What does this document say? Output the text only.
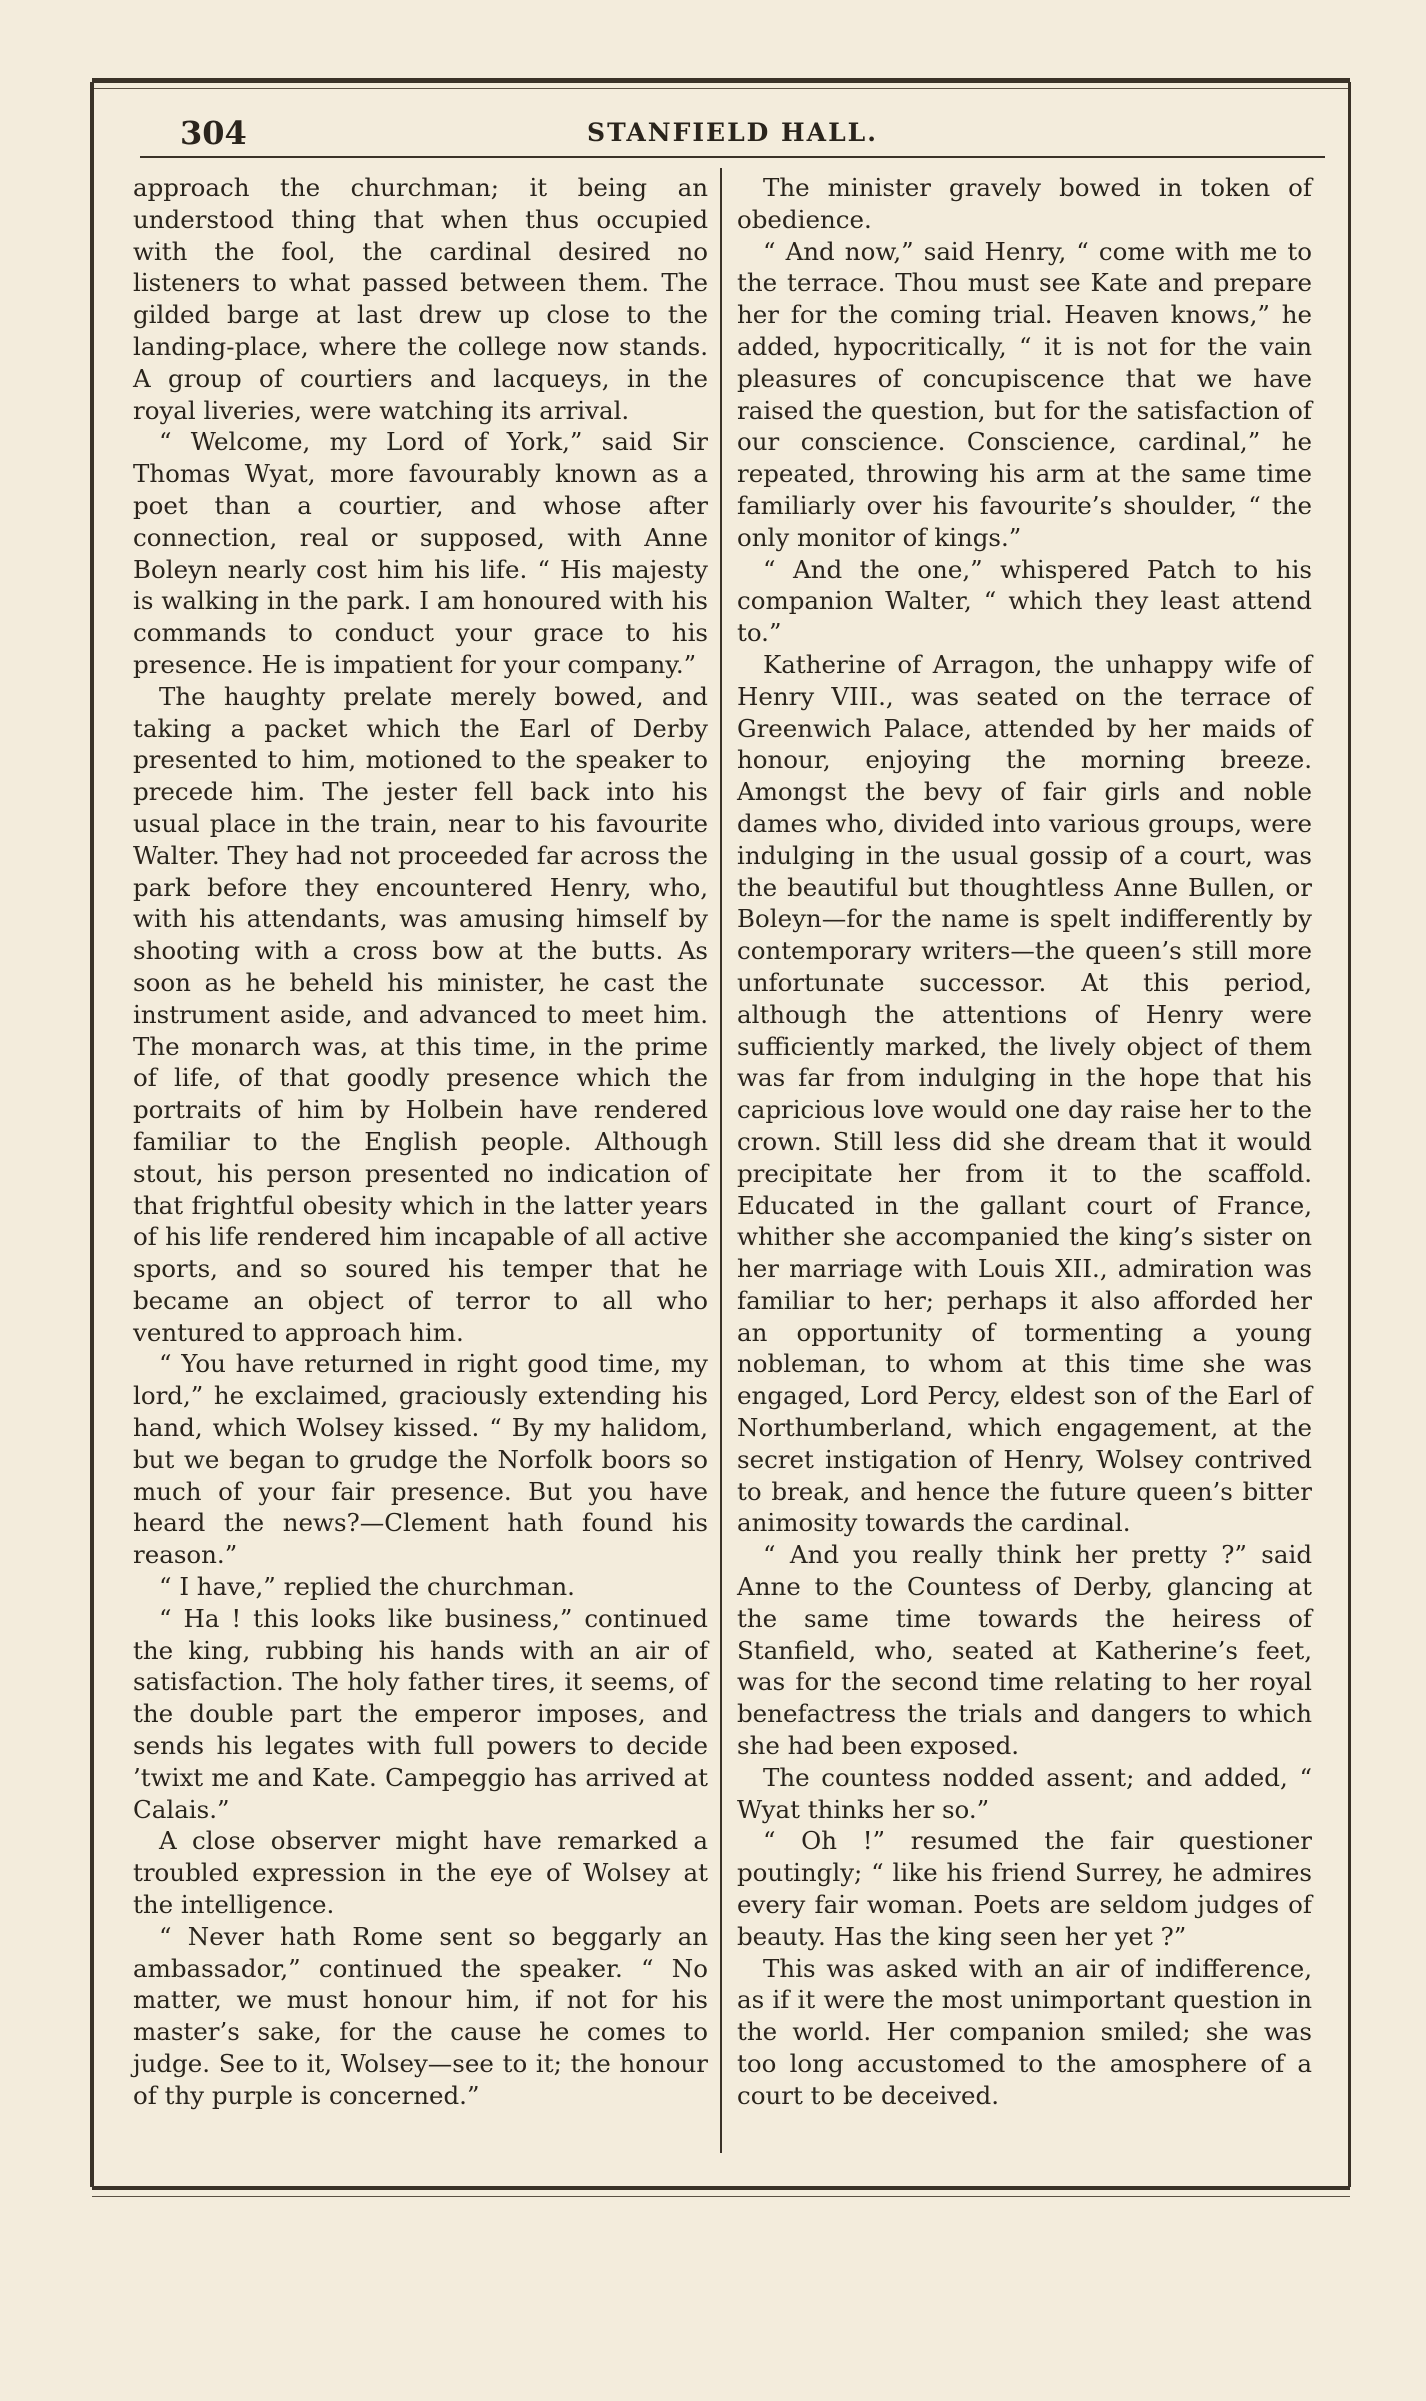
304	STANFIELD HALL.

approach the churchman; it being an understood thing that when thus occupied with the fool, the cardinal desired no listeners to what passed between them. The gilded barge at last drew up close to the landing-place, where the college now stands. A group of courtiers and lacqueys, in the royal liveries, were watching its arrival.

“ Welcome, my Lord of York,” said Sir Thomas Wyat, more favourably known as a poet than a courtier, and whose after connection, real or supposed, with Anne Boleyn nearly cost him his life. “ His majesty is walking in the park. I am honoured with his commands to conduct your grace to his presence. He is impatient for your company.”

The haughty prelate merely bowed, and taking a packet which the Earl of Derby presented to him, motioned to the speaker to precede him. The jester fell back into his usual place in the train, near to his favourite Walter. They had not proceeded far across the park before they encountered Henry, who, with his attendants, was amusing himself by shooting with a cross bow at the butts. As soon as he beheld his minister, he cast the instrument aside, and advanced to meet him. The monarch was, at this time, in the prime of life, of that goodly presence which the portraits of him by Holbein have rendered familiar to the English people. Although stout, his person presented no indication of that frightful obesity which in the latter years of his life rendered him incapable of all active sports, and so soured his temper that he became an object of terror to all who ventured to approach him.

“ You have returned in right good time, my lord,” he exclaimed, graciously extending his hand, which Wolsey kissed. “ By my halidom, but we began to grudge the Norfolk boors so much of your fair presence. But you have heard the news?—Clement hath found his reason.”

“ I have,” replied the churchman.

“ Ha ! this looks like business,” continued the king, rubbing his hands with an air of satisfaction. The holy father tires, it seems, of the double part the emperor imposes, and sends his legates with full powers to decide ’twixt me and Kate. Campeggio has arrived at Calais.”

A close observer might have remarked a troubled expression in the eye of Wolsey at the intelligence.

“ Never hath Rome sent so beggarly an ambassador,” continued the speaker. “ No matter, we must honour him, if not for his master’s sake, for the cause he comes to judge. See to it, Wolsey—see to it; the honour of thy purple is concerned.”

The minister gravely bowed in token of obedience.

“ And now,” said Henry, “ come with me to the terrace. Thou must see Kate and prepare her for the coming trial. Heaven knows,” he added, hypocritically, “ it is not for the vain pleasures of concupiscence that we have raised the question, but for the satisfaction of our conscience. Conscience, cardinal,” he repeated, throwing his arm at the same time familiarly over his favourite’s shoulder, “ the only monitor of kings.”

“ And the one,” whispered Patch to his companion Walter, “ which they least attend to.”

Katherine of Arragon, the unhappy wife of Henry VIII., was seated on the terrace of Greenwich Palace, attended by her maids of honour, enjoying the morning breeze. Amongst the bevy of fair girls and noble dames who, divided into various groups, were indulging in the usual gossip of a court, was the beautiful but thoughtless Anne Bullen, or Boleyn—for the name is spelt indifferently by contemporary writers—the queen’s still more unfortunate successor. At this period, although the attentions of Henry were sufficiently marked, the lively object of them was far from indulging in the hope that his capricious love would one day raise her to the crown. Still less did she dream that it would precipitate her from it to the scaffold. Educated in the gallant court of France, whither she accompanied the king’s sister on her marriage with Louis XII., admiration was familiar to her; perhaps it also afforded her an opportunity of tormenting a young nobleman, to whom at this time she was engaged, Lord Percy, eldest son of the Earl of Northumberland, which engagement, at the secret instigation of Henry, Wolsey contrived to break, and hence the future queen’s bitter animosity towards the cardinal.

“ And you really think her pretty ?” said Anne to the Countess of Derby, glancing at the same time towards the heiress of Stanfield, who, seated at Katherine’s feet, was for the second time relating to her royal benefactress the trials and dangers to which she had been exposed.

The countess nodded assent; and added, “ Wyat thinks her so.”

“ Oh !” resumed the fair questioner poutingly; “ like his friend Surrey, he admires every fair woman. Poets are seldom judges of beauty. Has the king seen her yet ?”

This was asked with an air of indifference, as if it were the most unimportant question in the world. Her companion smiled; she was too long accustomed to the amosphere of a court to be deceived.
